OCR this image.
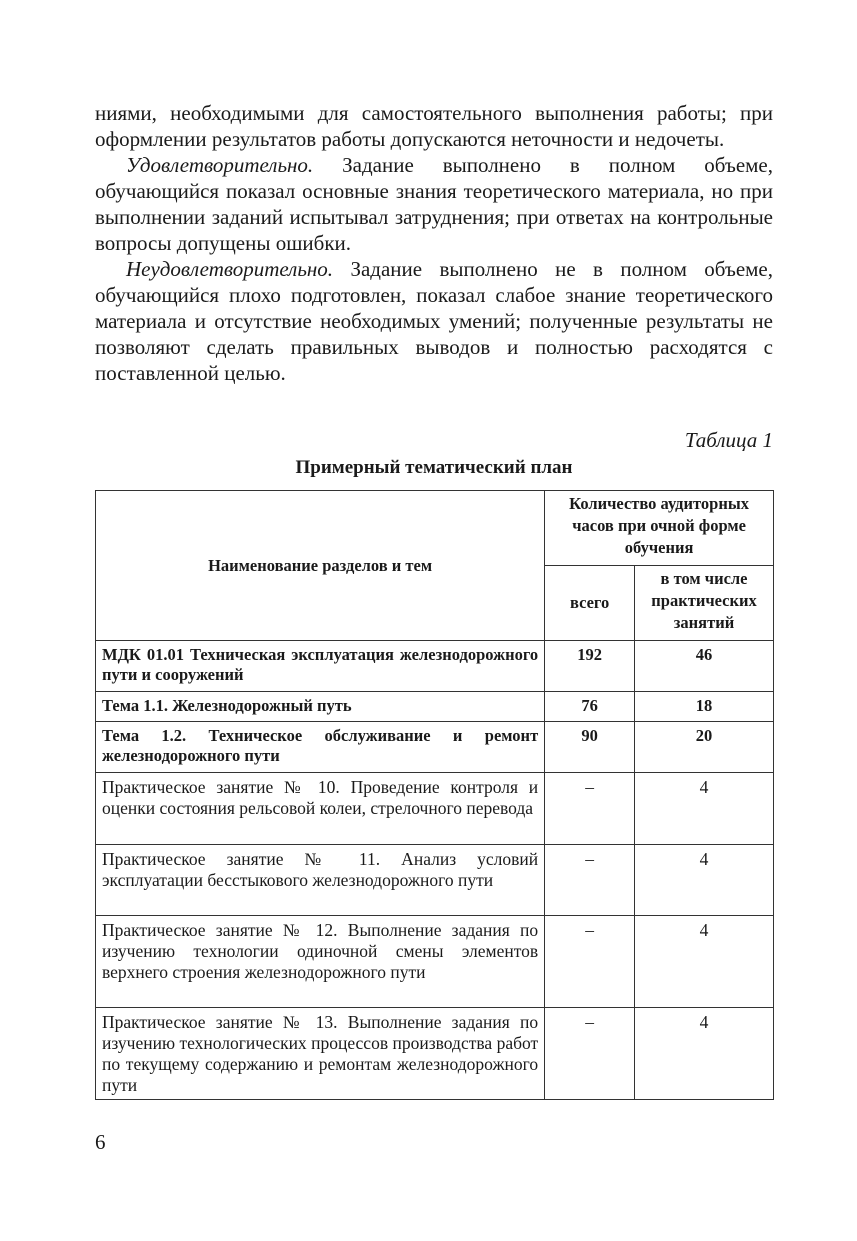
ниями, необходимыми для самостоятельного выполнения работы; при оформлении результатов работы допускаются неточности и недочеты.

Удовлетворительно. Задание выполнено в полном объеме, обучающийся показал основные знания теоретического материала, но при выполнении заданий испытывал затруднения; при ответах на контрольные вопросы допущены ошибки.

Неудовлетворительно. Задание выполнено не в полном объеме, обучающийся плохо подготовлен, показал слабое знание теоретического материала и отсутствие необходимых умений; полученные результаты не позволяют сделать правильных выводов и полностью расходятся с поставленной целью.

Таблица 1

Примерный тематический план

Наименование разделов и тем	Количество аудиторных часов при очной форме обучения	
	всего	в том числе практических занятий
МДК 01.01 Техническая эксплуатация железнодорожного пути и сооружений	192	46
Тема 1.1. Железнодорожный путь	76	18
Тема 1.2. Техническое обслуживание и ремонт железнодорожного пути	90	20
Практическое занятие № 10. Проведение контроля и оценки состояния рельсовой колеи, стрелочного перевода	–	4
Практическое занятие № 11. Анализ условий эксплуатации бесстыкового железнодорожного пути	–	4
Практическое занятие № 12. Выполнение задания по изучению технологии одиночной смены элементов верхнего строения железнодорожного пути	–	4
Практическое занятие № 13. Выполнение задания по изучению технологических процессов производства работ по текущему содержанию и ремонтам железнодорожного пути	–	4

6
